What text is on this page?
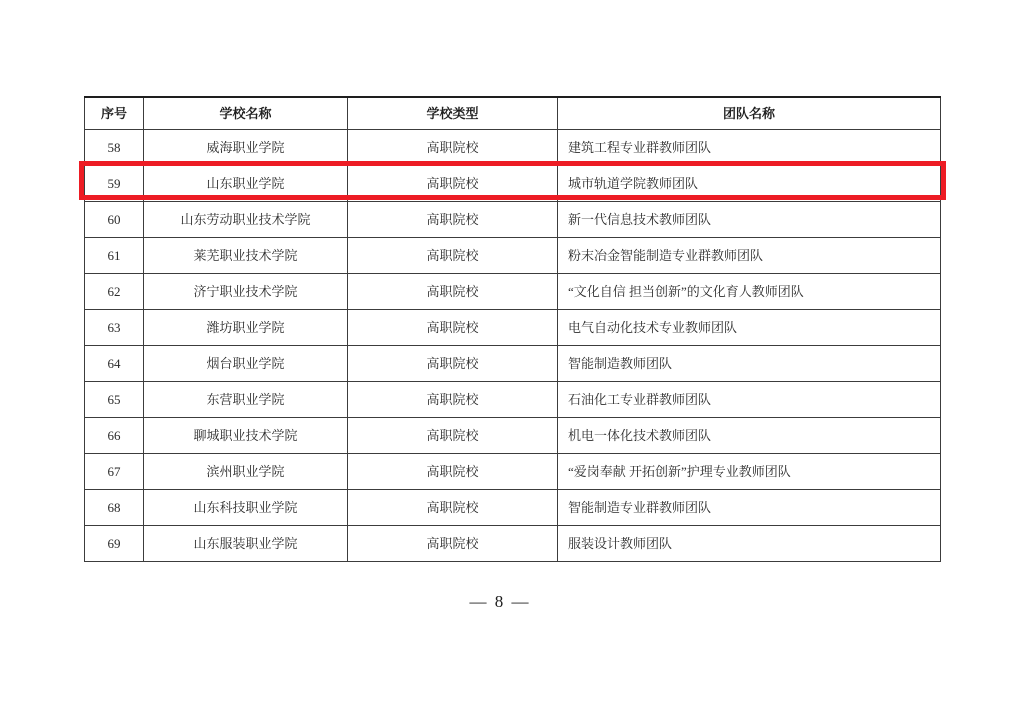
序号	学校名称	学校类型	团队名称
58	威海职业学院	高职院校	建筑工程专业群教师团队
59	山东职业学院	高职院校	城市轨道学院教师团队
60	山东劳动职业技术学院	高职院校	新一代信息技术教师团队
61	莱芜职业技术学院	高职院校	粉末冶金智能制造专业群教师团队
62	济宁职业技术学院	高职院校	“文化自信 担当创新”的文化育人教师团队
63	潍坊职业学院	高职院校	电气自动化技术专业教师团队
64	烟台职业学院	高职院校	智能制造教师团队
65	东营职业学院	高职院校	石油化工专业群教师团队
66	聊城职业技术学院	高职院校	机电一体化技术教师团队
67	滨州职业学院	高职院校	“爱岗奉献 开拓创新”护理专业教师团队
68	山东科技职业学院	高职院校	智能制造专业群教师团队
69	山东服装职业学院	高职院校	服装设计教师团队
— 8 —
